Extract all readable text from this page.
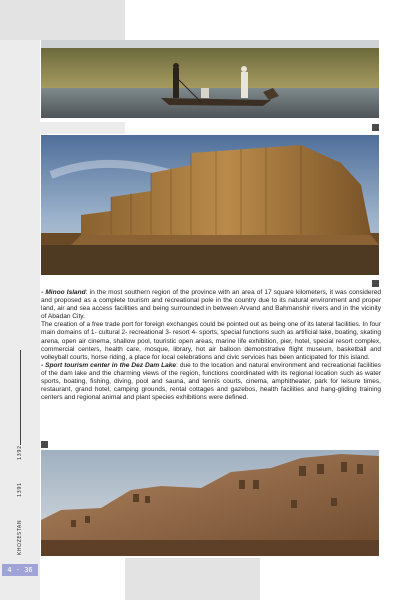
- Minoo Island: in the most southern region of the province with an area of 17 square kilometers, it was considered and proposed as a complete tourism and recreational pole in the country due to its natural environment and proper land, air and sea access facilities and being surrounded in between Arvand and Bahmanshir rivers and in the vicinity of Abadan City.

The creation of a free trade port for foreign exchanges could be pointed out as being one of its lateral facilities. In four main domains of 1- cultural 2- recreational 3- resort 4- sports, special functions such as artificial lake, boating, skating arena, open air cinema, shallow pool, touristic open areas, marine life exhibition, pier, hotel, special resort complex, commercial centers, health care, mosque, library, hot air balloon demonstrative flight museum, basketball and volleyball courts, horse riding, a place for local celebrations and civic services has been anticipated for this island.

- Sport tourism center in the Dez Dam Lake: due to the location and natural environment and recreational facilities of the dam lake and the charming views of the region, functions coordinated with its regional location such as water sports, boating, fishing, diving, pool and sauna, and tennis courts, cinema, amphitheater, park for leisure times, restaurant, grand hotel, camping grounds, rental cottages and gazebos, health facilities and hang-gliding training centers and regional animal and plant species exhibitions were defined.

KHOZESTAN
1391
1392
4 - 36
